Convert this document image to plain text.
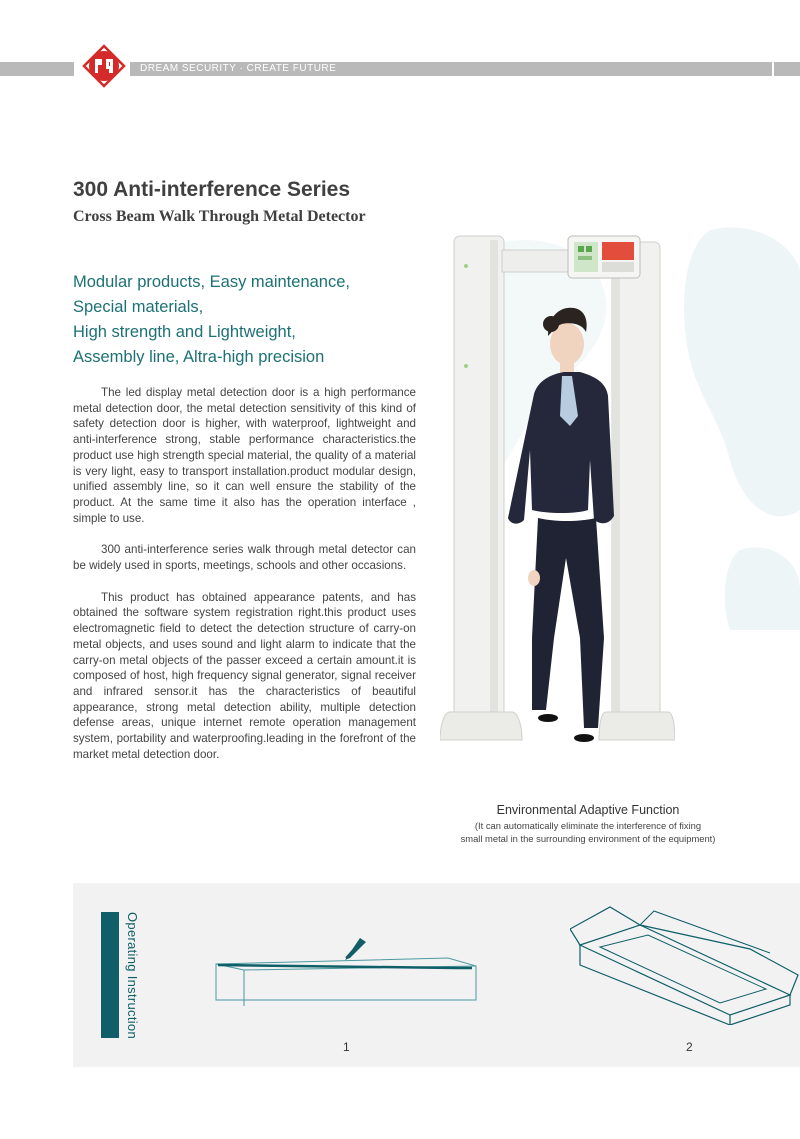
DREAM SECURITY · CREATE FUTURE
300 Anti-interference Series
Cross Beam Walk Through Metal Detector
Modular products, Easy maintenance,
Special materials,
High strength and Lightweight,
Assembly line, Altra-high precision

The led display metal detection door is a high performance metal detection door, the metal detection sensitivity of this kind of safety detection door is higher, with waterproof, lightweight and anti-interference strong, stable performance characteristics.the product use high strength special material, the quality of a material is very light, easy to transport installation.product modular design, unified assembly line, so it can well ensure the stability of the product. At the same time it also has the operation interface , simple to use.

300 anti-interference series walk through metal detector can be widely used in sports, meetings, schools and other occasions.

This product has obtained appearance patents, and has obtained the software system registration right.this product uses electromagnetic field to detect the detection structure of carry-on metal objects, and uses sound and light alarm to indicate that the carry-on metal objects of the passer exceed a certain amount.it is composed of host, high frequency signal generator, signal receiver and infrared sensor.it has the characteristics of beautiful appearance, strong metal detection ability, multiple detection defense areas, unique internet remote operation management system, portability and waterproofing.leading in the forefront of the market metal detection door.

Environmental Adaptive Function
(It can automatically eliminate the interference of fixing
small metal in the surrounding environment of the equipment)
Operating Instruction
1	2
